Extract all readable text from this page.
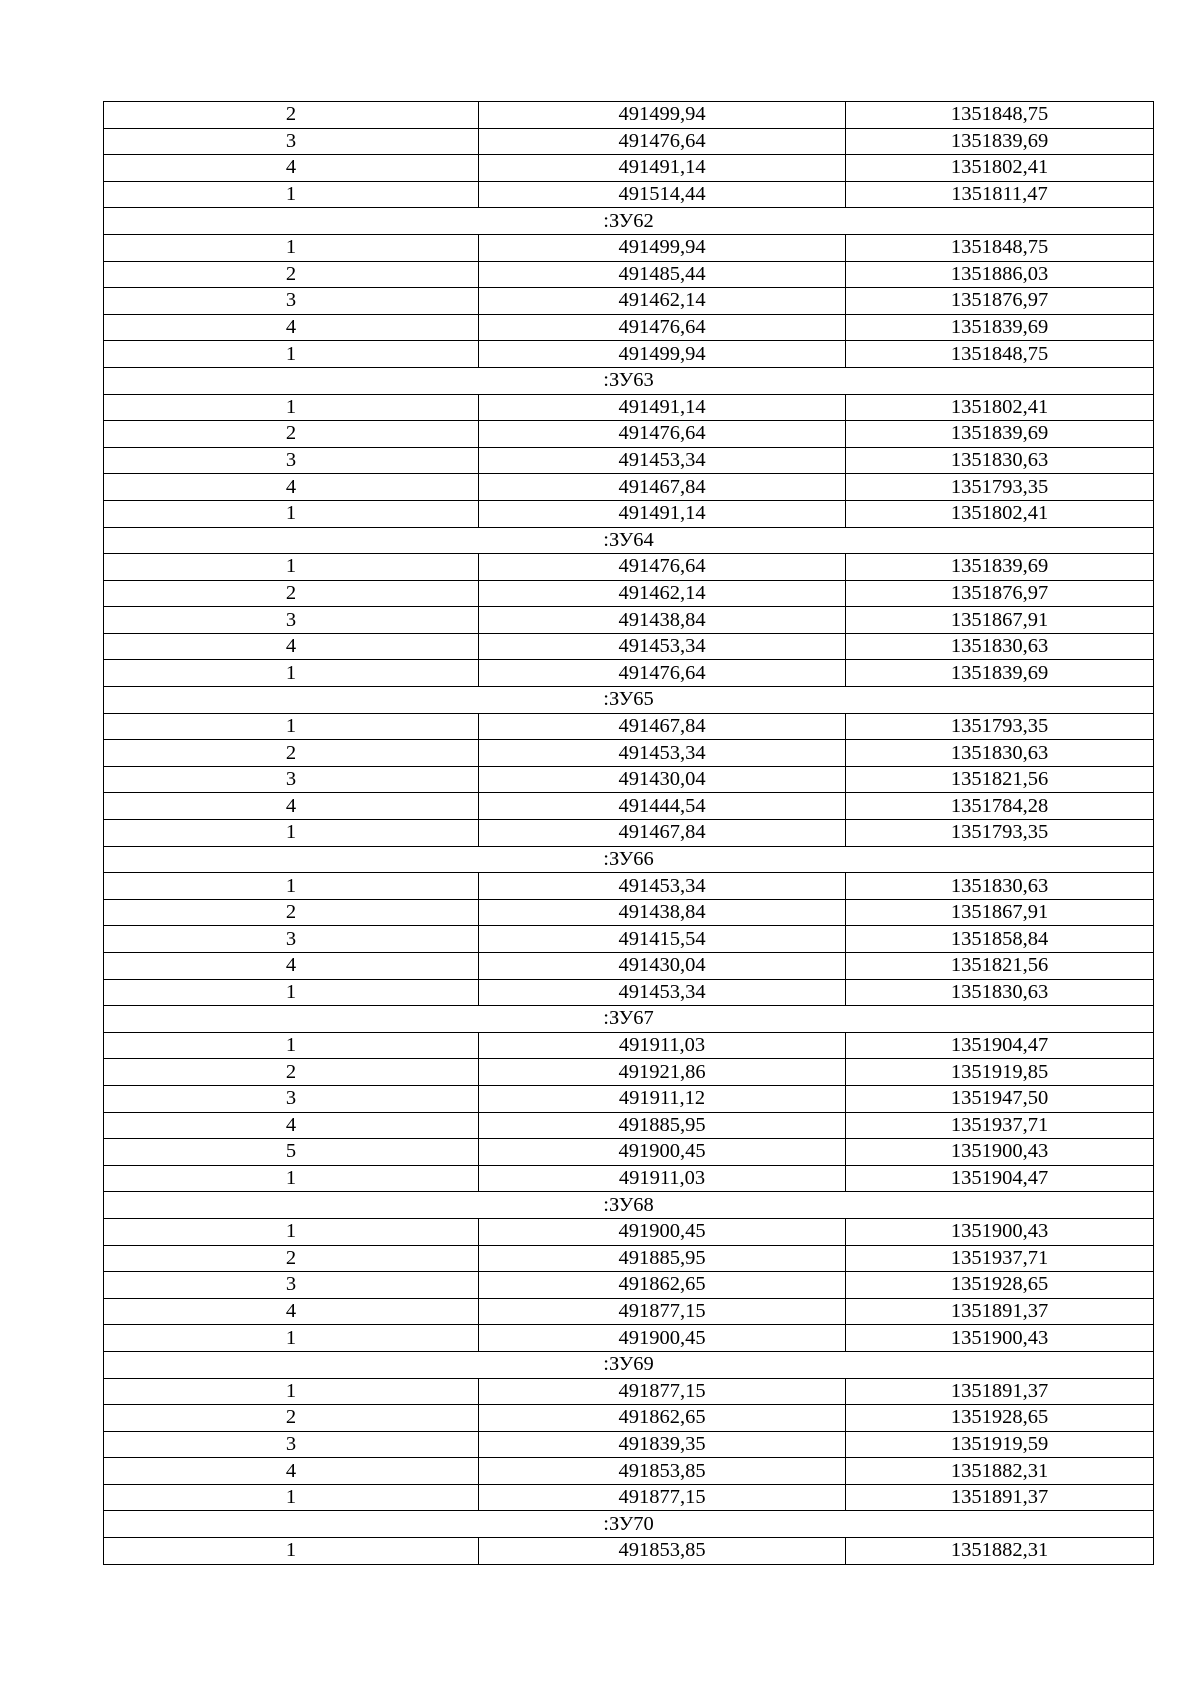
2	491499,94	1351848,75
3	491476,64	1351839,69
4	491491,14	1351802,41
1	491514,44	1351811,47
:ЗУ62		
1	491499,94	1351848,75
2	491485,44	1351886,03
3	491462,14	1351876,97
4	491476,64	1351839,69
1	491499,94	1351848,75
:ЗУ63		
1	491491,14	1351802,41
2	491476,64	1351839,69
3	491453,34	1351830,63
4	491467,84	1351793,35
1	491491,14	1351802,41
:ЗУ64		
1	491476,64	1351839,69
2	491462,14	1351876,97
3	491438,84	1351867,91
4	491453,34	1351830,63
1	491476,64	1351839,69
:ЗУ65		
1	491467,84	1351793,35
2	491453,34	1351830,63
3	491430,04	1351821,56
4	491444,54	1351784,28
1	491467,84	1351793,35
:ЗУ66		
1	491453,34	1351830,63
2	491438,84	1351867,91
3	491415,54	1351858,84
4	491430,04	1351821,56
1	491453,34	1351830,63
:ЗУ67		
1	491911,03	1351904,47
2	491921,86	1351919,85
3	491911,12	1351947,50
4	491885,95	1351937,71
5	491900,45	1351900,43
1	491911,03	1351904,47
:ЗУ68		
1	491900,45	1351900,43
2	491885,95	1351937,71
3	491862,65	1351928,65
4	491877,15	1351891,37
1	491900,45	1351900,43
:ЗУ69		
1	491877,15	1351891,37
2	491862,65	1351928,65
3	491839,35	1351919,59
4	491853,85	1351882,31
1	491877,15	1351891,37
:ЗУ70		
1	491853,85	1351882,31
